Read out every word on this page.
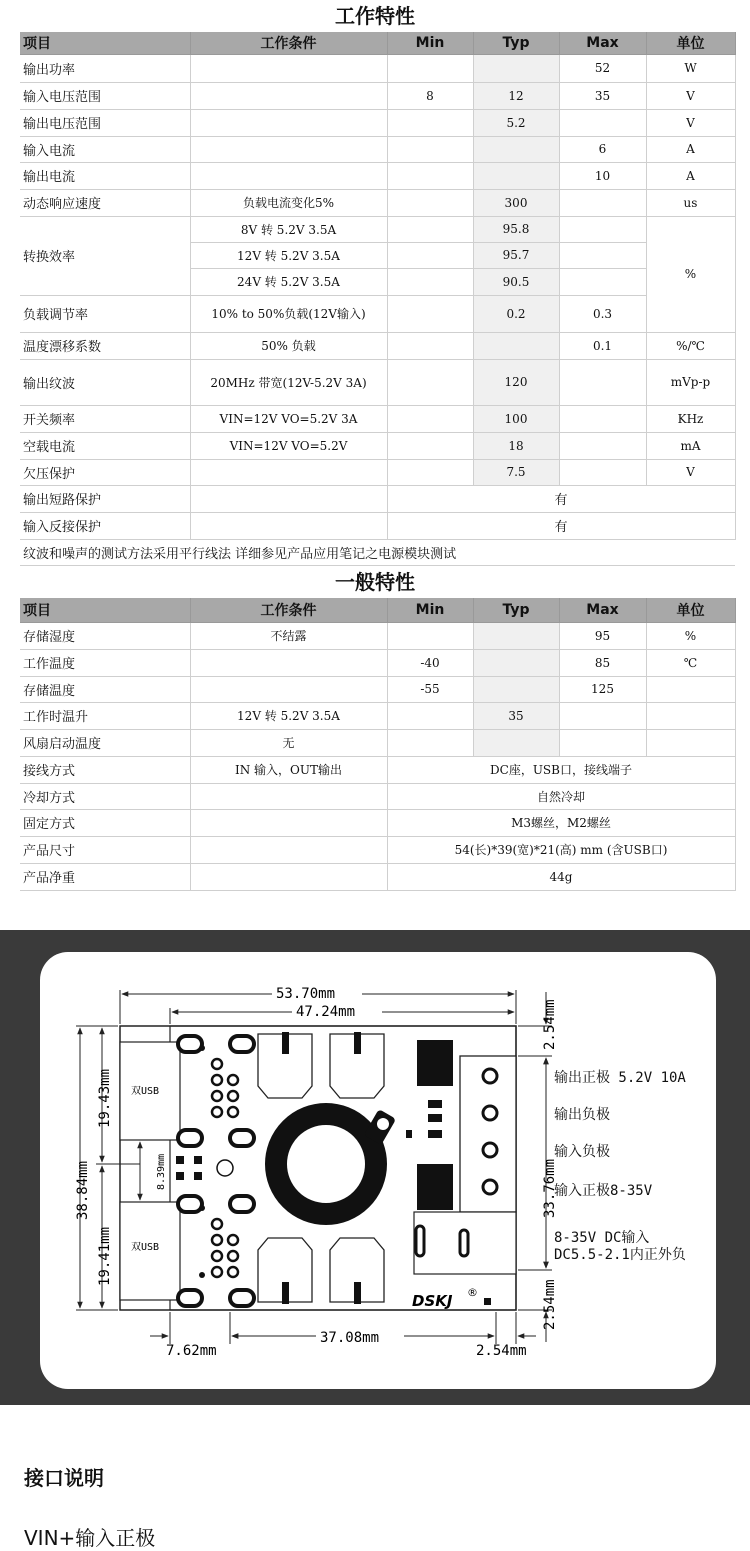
工作特性
项目	工作条件	Min	Typ	Max	单位
输出功率				52	W
输入电压范围		8	12	35	V
输出电压范围			5.2		V
输入电流				6	A
输出电流				10	A
动态响应速度	负载电流变化5%		300		us
转换效率	8V 转 5.2V 3.5A		95.8		%
	12V 转 5.2V 3.5A		95.7		
	24V 转 5.2V 3.5A		90.5		
负载调节率	10% to 50%负载(12V输入)		0.2	0.3	
温度漂移系数	50% 负载			0.1	%/℃
输出纹波	20MHz 带宽(12V-5.2V 3A)		120		mVp-p
开关频率	VIN=12V VO=5.2V 3A		100		KHz
空载电流	VIN=12V VO=5.2V		18		mA
欠压保护			7.5		V
输出短路保护		有			
输入反接保护		有			
纹波和噪声的测试方法采用平行线法 详细参见产品应用笔记之电源模块测试					
一般特性
项目	工作条件	Min	Typ	Max	单位
存储湿度	不结露			95	%
工作温度		-40		85	℃
存储温度		-55		125	
工作时温升	12V 转 5.2V 3.5A		35		
风扇启动温度	无				
接线方式	IN 输入，OUT输出	DC座，USB口，接线端子			
冷却方式		自然冷却			
固定方式		M3螺丝，M2螺丝			
产品尺寸		54(长)*39(宽)*21(高) mm (含USB口)			
产品净重		44g			
双USB
双USB
DSKJ ®
53.70mm
47.24mm
38.84mm
19.43mm
19.41mm
8.39mm
2.54mm
33.76mm
2.54mm
7.62mm
37.08mm
2.54mm
输出正极 5.2V 10A
输出负极
输入负极
输入正极8-35V
8-35V DC输入
DC5.5-2.1内正外负
接口说明
VIN+输入正极
